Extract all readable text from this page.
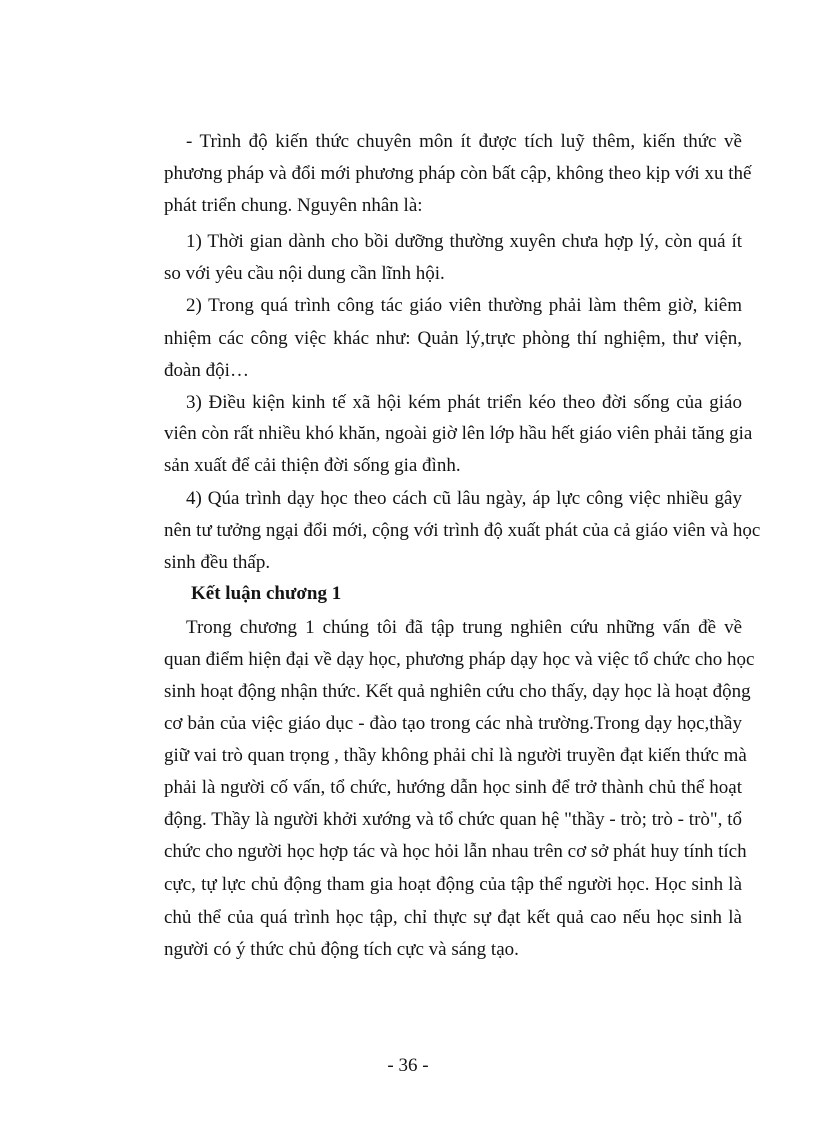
- Trình độ kiến thức chuyên môn ít được tích luỹ thêm, kiến thức về
phương pháp và đổi mới phương pháp còn bất cập, không theo kịp với xu thế
phát triển chung. Nguyên nhân là:
1) Thời gian dành cho bồi dưỡng thường xuyên chưa hợp lý, còn quá ít
so với yêu cầu nội dung cần lĩnh hội.
2) Trong quá trình công tác giáo viên thường phải làm thêm giờ, kiêm
nhiệm các công việc khác như: Quản lý,trực phòng thí nghiệm, thư viện,
đoàn đội…
3) Điều kiện kinh tế xã hội kém phát triển kéo theo đời sống của giáo
viên còn rất nhiều khó khăn, ngoài giờ lên lớp hầu hết giáo viên phải tăng gia
sản xuất để cải thiện đời sống gia đình.
4) Qúa trình dạy học theo cách cũ lâu ngày, áp lực công việc nhiều gây
nên tư tưởng ngại đổi mới, cộng với trình độ xuất phát của cả giáo viên và học
sinh đều thấp.
Kết luận chương 1
Trong chương 1 chúng tôi đã tập trung nghiên cứu những vấn đề về
quan điểm hiện đại về dạy học, phương pháp dạy học và việc tổ chức cho học
sinh hoạt động nhận thức. Kết quả nghiên cứu cho thấy, dạy học là hoạt động
cơ bản của việc giáo dục - đào tạo trong các nhà trường.Trong dạy học,thầy
giữ vai trò quan trọng , thầy không phải chỉ là người truyền đạt kiến thức mà
phải là người cố vấn, tổ chức, hướng dẫn học sinh để trở thành chủ thể hoạt
động. Thầy là người khởi xướng và tổ chức quan hệ "thầy - trò; trò - trò", tổ
chức cho người học hợp tác và học hỏi lẫn nhau trên cơ sở phát huy tính tích
cực, tự lực chủ động tham gia hoạt động của tập thể người học. Học sinh là
chủ thể của quá trình học tập, chỉ thực sự đạt kết quả cao nếu học sinh là
người có ý thức chủ động tích cực và sáng tạo.
- 36 -
